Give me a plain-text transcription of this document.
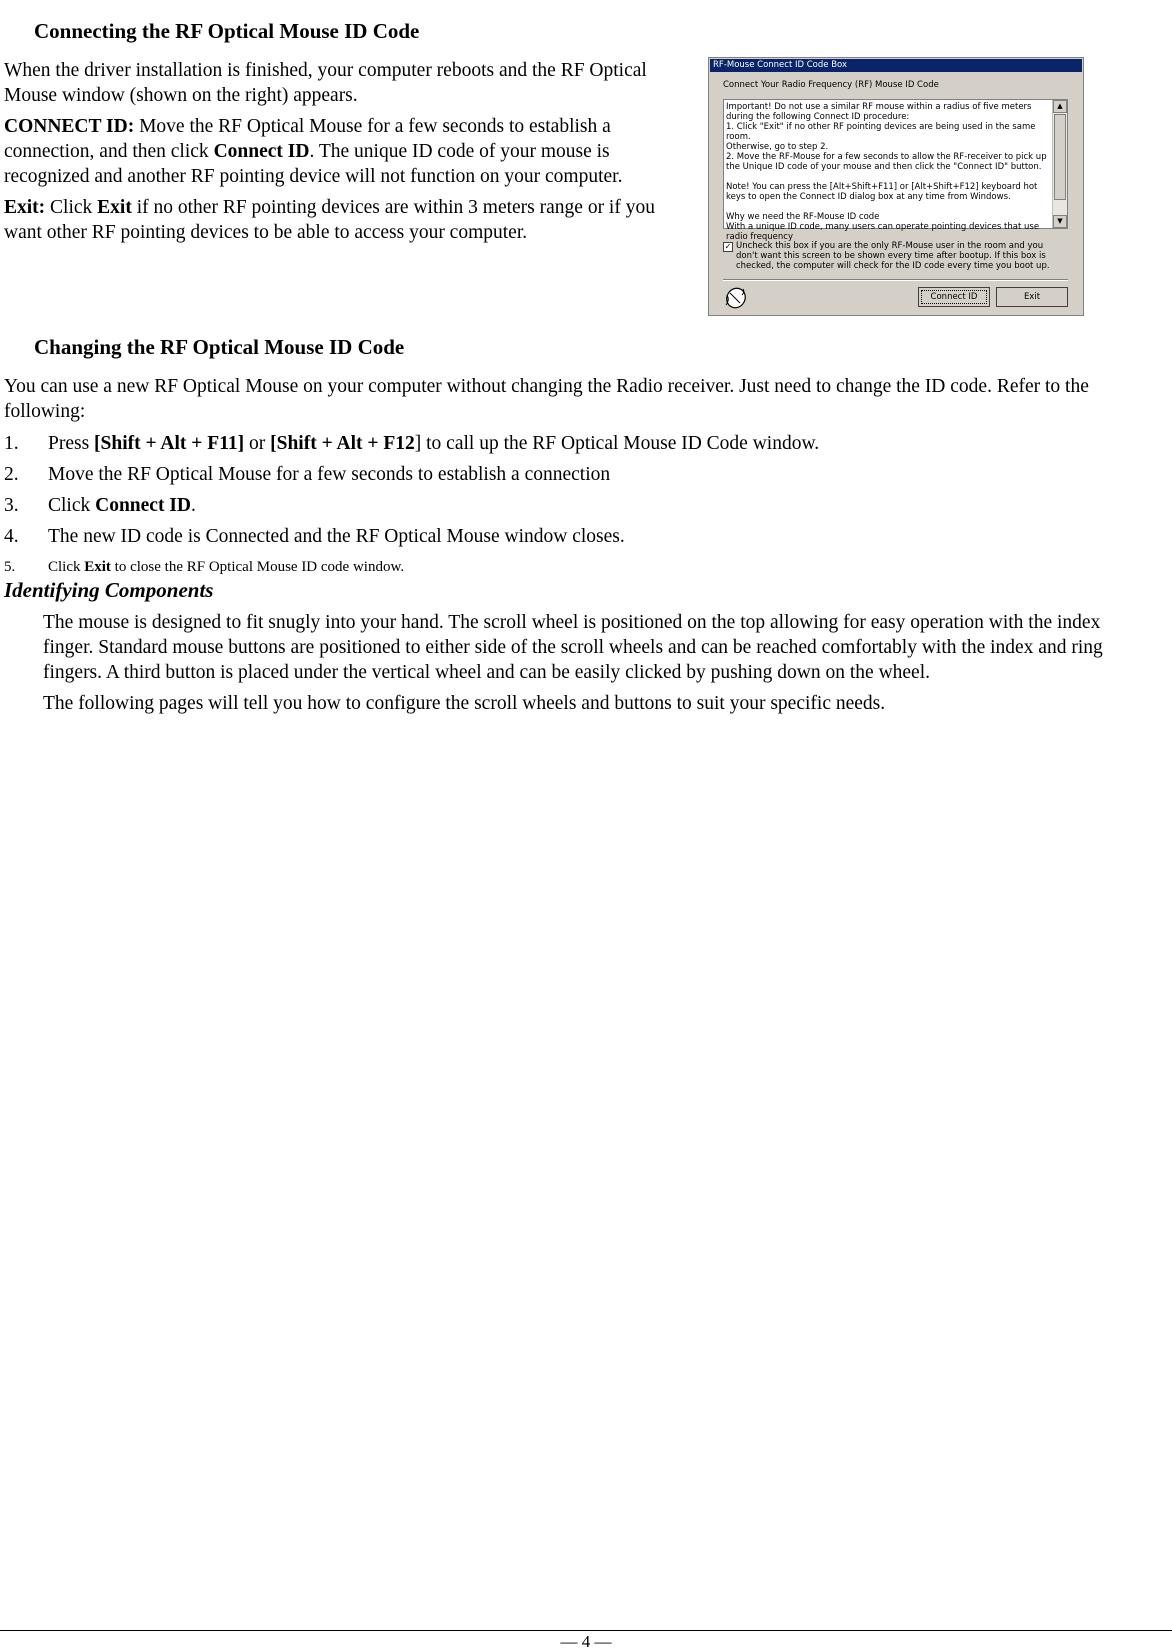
Connecting the RF Optical Mouse ID Code

When the driver installation is finished, your computer reboots and the RF Optical Mouse window (shown on the right) appears.

CONNECT ID: Move the RF Optical Mouse for a few seconds to establish a connection, and then click Connect ID. The unique ID code of your mouse is recognized and another RF pointing device will not function on your computer.

Exit: Click Exit if no other RF pointing devices are within 3 meters range or if you want other RF pointing devices to be able to access your computer.

RF-Mouse Connect ID Code Box
Connect Your Radio Frequency (RF) Mouse ID Code
Important! Do not use a similar RF mouse within a radius of five meters during the following Connect ID procedure:
1. Click "Exit" if no other RF pointing devices are being used in the same room.
Otherwise, go to step 2.
2. Move the RF-Mouse for a few seconds to allow the RF-receiver to pick up the Unique ID code of your mouse and then click the "Connect ID" button.

Note! You can press the [Alt+Shift+F11] or [Alt+Shift+F12] keyboard hot keys to open the Connect ID dialog box at any time from Windows.

Why we need the RF-Mouse ID code
With a unique ID code, many users can operate pointing devices that use radio frequency
▲
▼
✓ Uncheck this box if you are the only RF-Mouse user in the room and you don't want this screen to be shown every time after bootup. If this box is checked, the computer will check for the ID code every time you boot up.
Connect ID	Exit
Changing the RF Optical Mouse ID Code

You can use a new RF Optical Mouse on your computer without changing the Radio receiver. Just need to change the ID code. Refer to the following:

1. Press [Shift + Alt + F11] or [Shift + Alt + F12] to call up the RF Optical Mouse ID Code window.
2. Move the RF Optical Mouse for a few seconds to establish a connection
3. Click Connect ID.
4. The new ID code is Connected and the RF Optical Mouse window closes.
5. Click Exit to close the RF Optical Mouse ID code window.
Identifying Components

The mouse is designed to fit snugly into your hand. The scroll wheel is positioned on the top allowing for easy operation with the index finger. Standard mouse buttons are positioned to either side of the scroll wheels and can be reached comfortably with the index and ring fingers. A third button is placed under the vertical wheel and can be easily clicked by pushing down on the wheel.

The following pages will tell you how to configure the scroll wheels and buttons to suit your specific needs.

— 4 —
